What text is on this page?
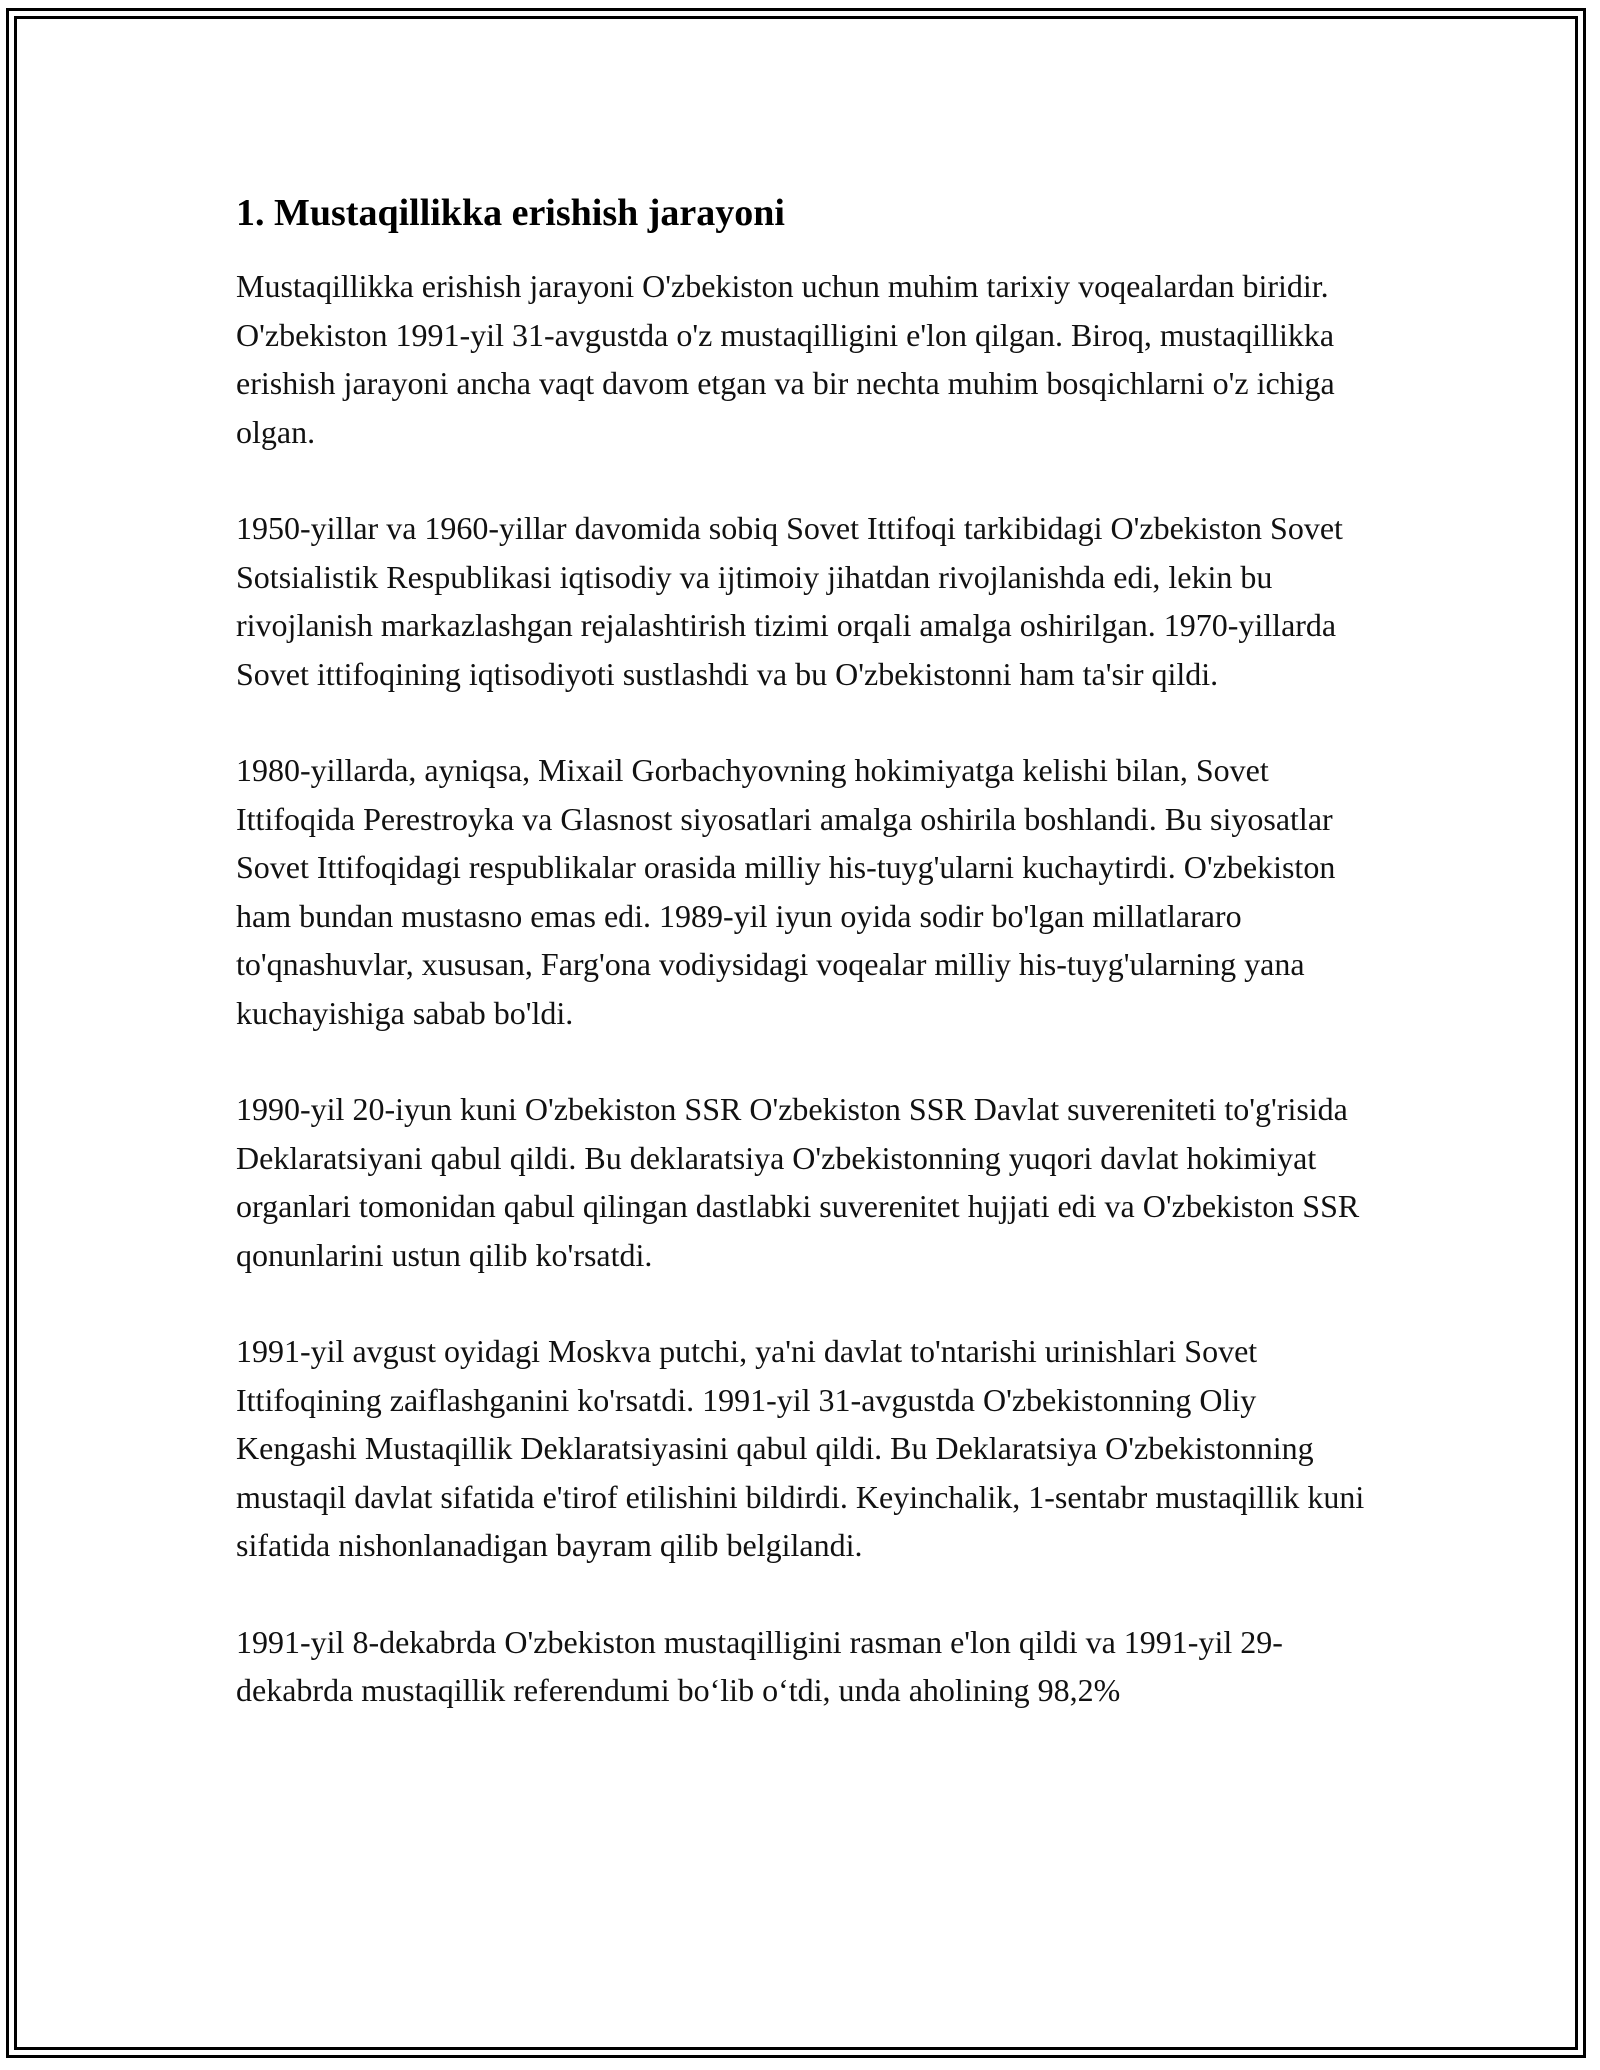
1. Mustaqillikka erishish jarayoni

Mustaqillikka erishish jarayoni O'zbekiston uchun muhim tarixiy voqealardan biridir. O'zbekiston 1991-yil 31-avgustda o'z mustaqilligini e'lon qilgan. Biroq, mustaqillikka erishish jarayoni ancha vaqt davom etgan va bir nechta muhim bosqichlarni o'z ichiga olgan.

1950-yillar va 1960-yillar davomida sobiq Sovet Ittifoqi tarkibidagi O'zbekiston Sovet Sotsialistik Respublikasi iqtisodiy va ijtimoiy jihatdan rivojlanishda edi, lekin bu rivojlanish markazlashgan rejalashtirish tizimi orqali amalga oshirilgan. 1970-yillarda Sovet ittifoqining iqtisodiyoti sustlashdi va bu O'zbekistonni ham ta'sir qildi.

1980-yillarda, ayniqsa, Mixail Gorbachyovning hokimiyatga kelishi bilan, Sovet Ittifoqida Perestroyka va Glasnost siyosatlari amalga oshirila boshlandi. Bu siyosatlar Sovet Ittifoqidagi respublikalar orasida milliy his-tuyg'ularni kuchaytirdi. O'zbekiston ham bundan mustasno emas edi. 1989-yil iyun oyida sodir bo'lgan millatlararo to'qnashuvlar, xususan, Farg'ona vodiysidagi voqealar milliy his-tuyg'ularning yana kuchayishiga sabab bo'ldi.

1990-yil 20-iyun kuni O'zbekiston SSR O'zbekiston SSR Davlat suvereniteti to'g'risida Deklaratsiyani qabul qildi. Bu deklaratsiya O'zbekistonning yuqori davlat hokimiyat organlari tomonidan qabul qilingan dastlabki suverenitet hujjati edi va O'zbekiston SSR qonunlarini ustun qilib ko'rsatdi.

1991-yil avgust oyidagi Moskva putchi, ya'ni davlat to'ntarishi urinishlari Sovet Ittifoqining zaiflashganini ko'rsatdi. 1991-yil 31-avgustda O'zbekistonning Oliy Kengashi Mustaqillik Deklaratsiyasini qabul qildi. Bu Deklaratsiya O'zbekistonning mustaqil davlat sifatida e'tirof etilishini bildirdi. Keyinchalik, 1-sentabr mustaqillik kuni sifatida nishonlanadigan bayram qilib belgilandi.

1991-yil 8-dekabrda O'zbekiston mustaqilligini rasman e'lon qildi va 1991-yil 29-dekabrda mustaqillik referendumi bo‘lib o‘tdi, unda aholining 98,2%
